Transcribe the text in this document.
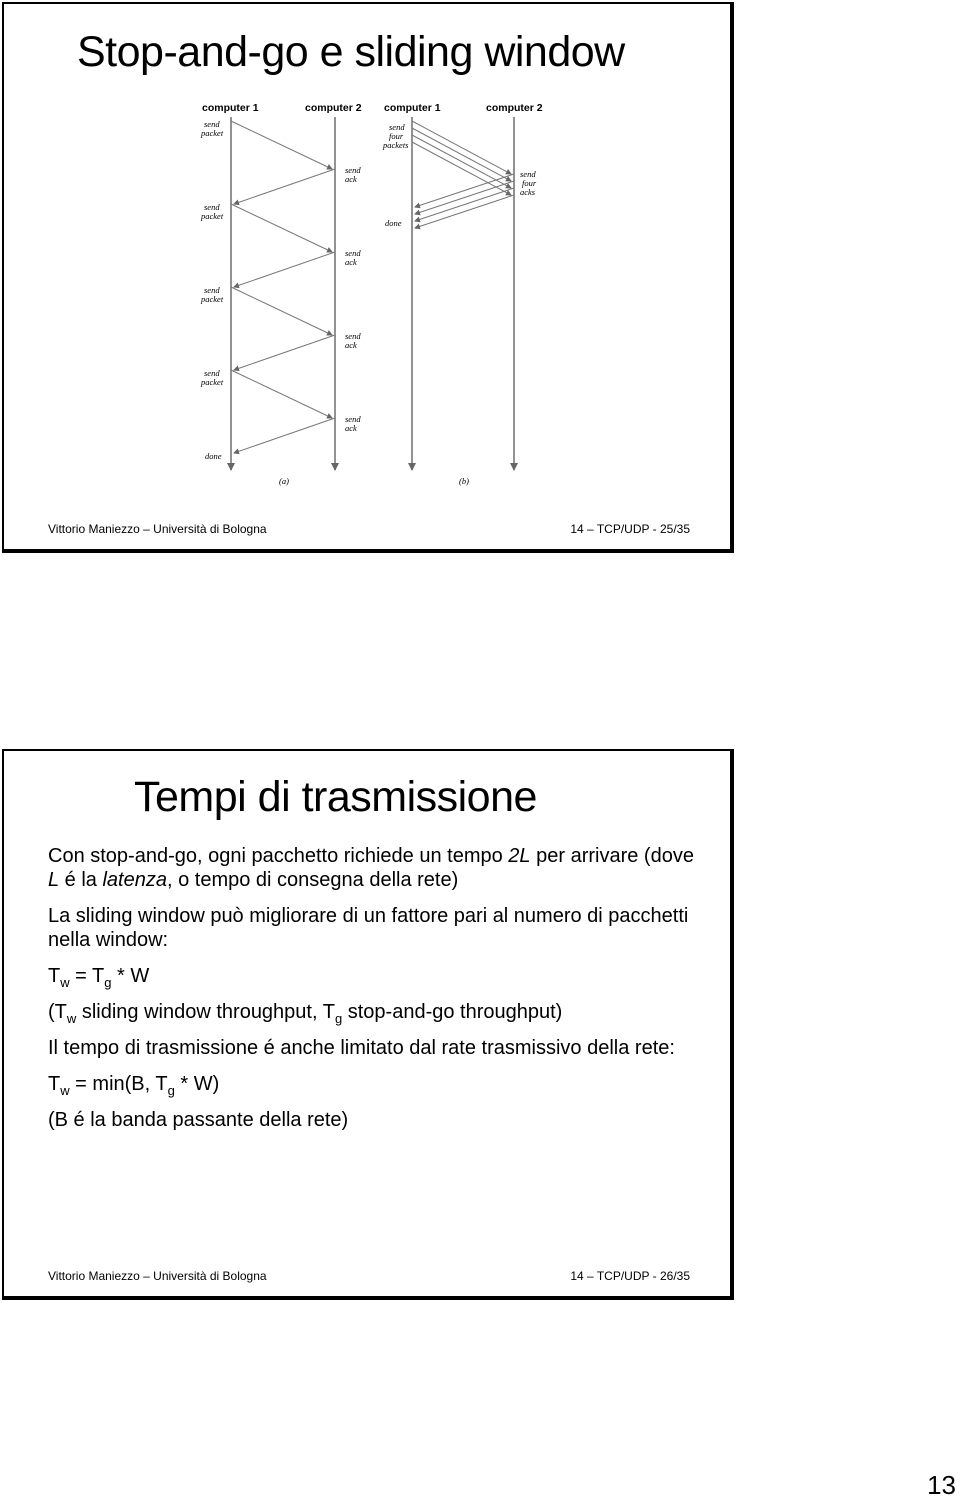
Stop-and-go e sliding window
computer 1	computer 2 computer 1	computer 2
send
packet
send
ack
send
packet
send
ack
send
packet
send
ack
send
packet
send
ack
done
(a)
send
four
packets
send
four
acks
done
(b)
Vittorio Maniezzo – Università di Bologna	14 – TCP/UDP - 25/35
Tempi di trasmissione

Con stop-and-go, ogni pacchetto richiede un tempo 2L per arrivare (dove L é la latenza, o tempo di consegna della rete)

La sliding window può migliorare di un fattore pari al numero di pacchetti nella window:

$T_w = T_g * W$

($T_w$ sliding window throughput, $T_g$ stop-and-go throughput)

Il tempo di trasmissione é anche limitato dal rate trasmissivo della rete:

$T_w = \min(B$, $T_g * W$)

(B é la banda passante della rete)

Vittorio Maniezzo – Università di Bologna	14 – TCP/UDP - 26/35
13
